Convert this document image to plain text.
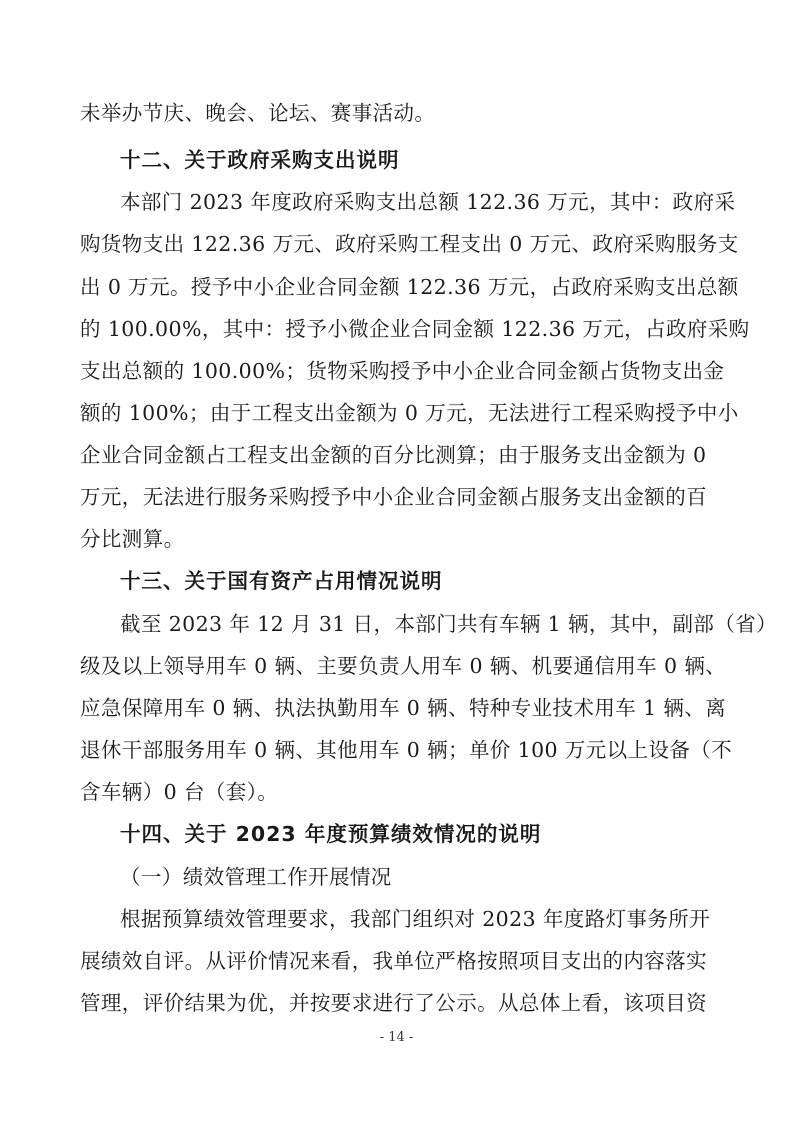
未举办节庆、晚会、论坛、赛事活动。
十二、关于政府采购支出说明
本部门 2023 年度政府采购支出总额 122.36 万元，其中：政府采
购货物支出 122.36 万元、政府采购工程支出 0 万元、政府采购服务支
出 0 万元。授予中小企业合同金额 122.36 万元，占政府采购支出总额
的 100.00%，其中：授予小微企业合同金额 122.36 万元，占政府采购
支出总额的 100.00%；货物采购授予中小企业合同金额占货物支出金
额的 100%；由于工程支出金额为 0 万元，无法进行工程采购授予中小
企业合同金额占工程支出金额的百分比测算；由于服务支出金额为 0
万元，无法进行服务采购授予中小企业合同金额占服务支出金额的百
分比测算。
十三、关于国有资产占用情况说明
截至 2023 年 12 月 31 日，本部门共有车辆 1 辆，其中，副部（省）
级及以上领导用车 0 辆、主要负责人用车 0 辆、机要通信用车 0 辆、
应急保障用车 0 辆、执法执勤用车 0 辆、特种专业技术用车 1 辆、离
退休干部服务用车 0 辆、其他用车 0 辆；单价 100 万元以上设备（不
含车辆）0 台（套）。
十四、关于 2023 年度预算绩效情况的说明
（一）绩效管理工作开展情况
根据预算绩效管理要求，我部门组织对 2023 年度路灯事务所开
展绩效自评。从评价情况来看，我单位严格按照项目支出的内容落实
管理，评价结果为优，并按要求进行了公示。从总体上看，该项目资
- 14 -
